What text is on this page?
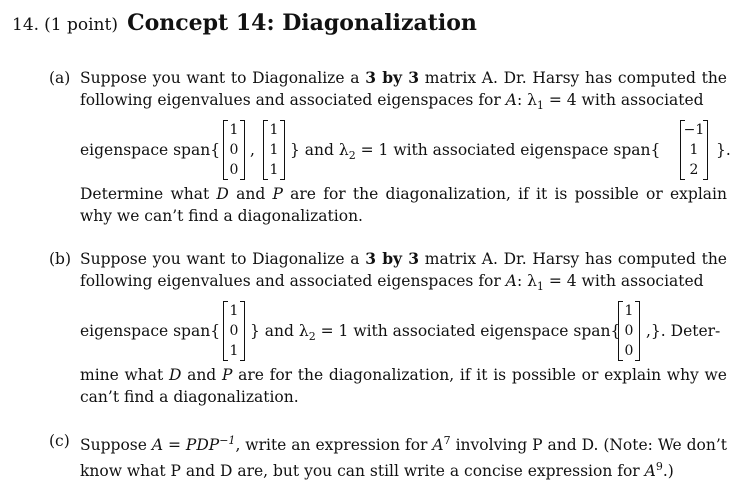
14. (1 point) Concept 14: Diagonalization
(a) Suppose you want to Diagonalize a 3 by 3 matrix A. Dr. Harsy has computed the following eigenvalues and associated eigenspaces for A: $\lambda_1 = 4$ with associated
eigenspace span{
1
0
0
,
1
1
1
} and $\lambda_2 = 1$ with associated eigenspace span{
−1
1
2
}.
Determine what D and P are for the diagonalization, if it is possible or explain why we can’t find a diagonalization.
(b) Suppose you want to Diagonalize a 3 by 3 matrix A. Dr. Harsy has computed the following eigenvalues and associated eigenspaces for A: $\lambda_1 = 4$ with associated
eigenspace span{
1
0
1
} and $\lambda_2 = 1$ with associated eigenspace span{
1
0
0
,}. Deter-
mine what D and P are for the diagonalization, if it is possible or explain why we can’t find a diagonalization.
(c) Suppose $A = PDP^{-1}$, write an expression for $A^7$ involving P and D. (Note: We don’t know what P and D are, but you can still write a concise expression for $A^9$.)
